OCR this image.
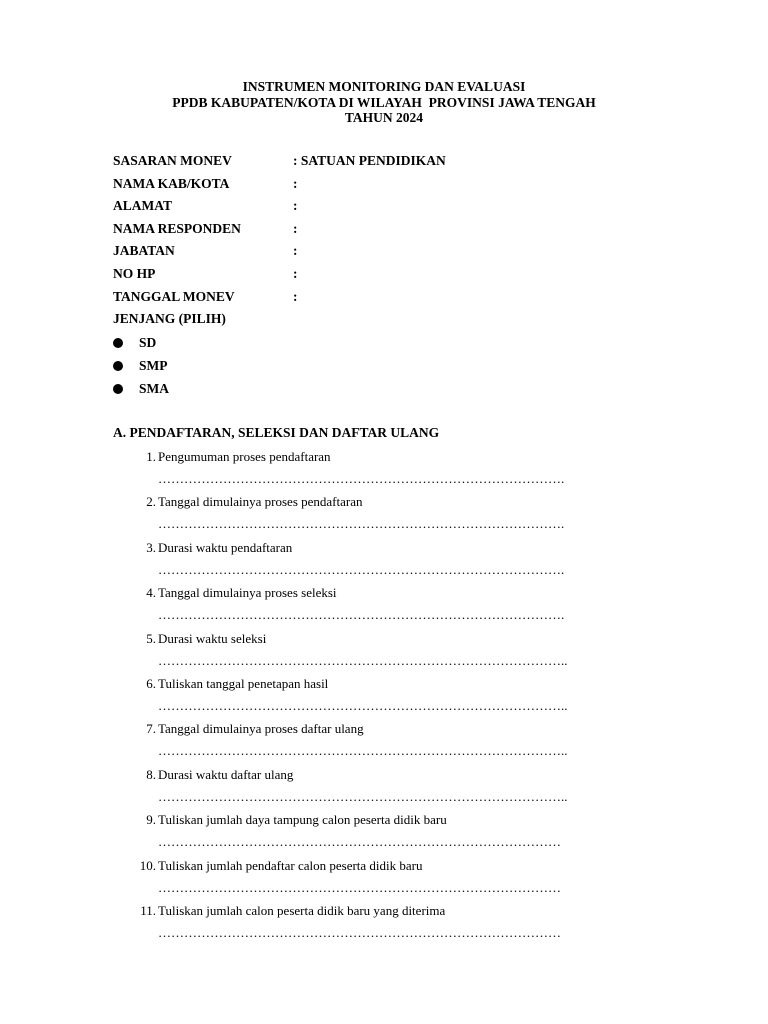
INSTRUMEN MONITORING DAN EVALUASI
PPDB KABUPATEN/KOTA DI WILAYAH  PROVINSI JAWA TENGAH
TAHUN 2024
SASARAN MONEV	: SATUAN PENDIDIKAN
NAMA KAB/KOTA	:
ALAMAT	:
NAMA RESPONDEN	:
JABATAN	:
NO HP	:
TANGGAL MONEV	:
JENJANG (PILIH)
SD
SMP
SMA
A. PENDAFTARAN, SELEKSI DAN DAFTAR ULANG
1. Pengumuman proses pendaftaran
………………………………………………………………………………….
2. Tanggal dimulainya proses pendaftaran
………………………………………………………………………………….
3. Durasi waktu pendaftaran
………………………………………………………………………………….
4. Tanggal dimulainya proses seleksi
………………………………………………………………………………….
5. Durasi waktu seleksi
…………………………………………………………………………………..
6. Tuliskan tanggal penetapan hasil
…………………………………………………………………………………..
7. Tanggal dimulainya proses daftar ulang
…………………………………………………………………………………..
8. Durasi waktu daftar ulang
…………………………………………………………………………………..
9. Tuliskan jumlah daya tampung calon peserta didik baru
…………………………………………………………………………………
10. Tuliskan jumlah pendaftar calon peserta didik baru
…………………………………………………………………………………
11. Tuliskan jumlah calon peserta didik baru yang diterima
…………………………………………………………………………………
